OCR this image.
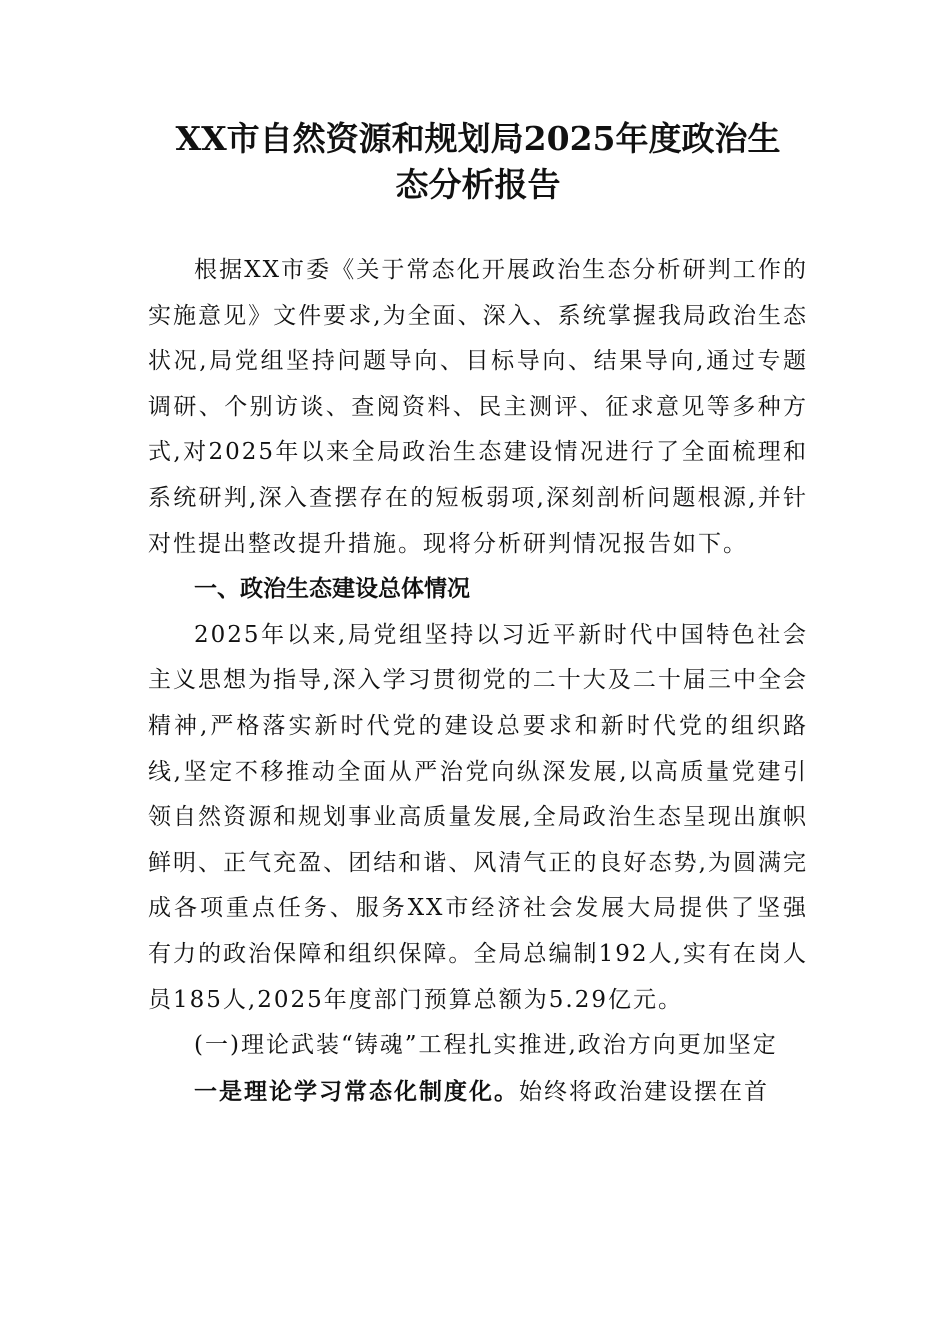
XX市自然资源和规划局2025年度政治生
态分析报告

根据XX市委《关于常态化开展政治生态分析研判工作的实施意见》文件要求,为全面、深入、系统掌握我局政治生态状况,局党组坚持问题导向、目标导向、结果导向,通过专题调研、个别访谈、查阅资料、民主测评、征求意见等多种方式,对2025年以来全局政治生态建设情况进行了全面梳理和系统研判,深入查摆存在的短板弱项,深刻剖析问题根源,并针对性提出整改提升措施。现将分析研判情况报告如下。

一、政治生态建设总体情况

2025年以来,局党组坚持以习近平新时代中国特色社会主义思想为指导,深入学习贯彻党的二十大及二十届三中全会精神,严格落实新时代党的建设总要求和新时代党的组织路线,坚定不移推动全面从严治党向纵深发展,以高质量党建引领自然资源和规划事业高质量发展,全局政治生态呈现出旗帜鲜明、正气充盈、团结和谐、风清气正的良好态势,为圆满完成各项重点任务、服务XX市经济社会发展大局提供了坚强有力的政治保障和组织保障。全局总编制192人,实有在岗人员185人,2025年度部门预算总额为5.29亿元。

(一)理论武装“铸魂”工程扎实推进,政治方向更加坚定

一是理论学习常态化制度化。始终将政治建设摆在首
